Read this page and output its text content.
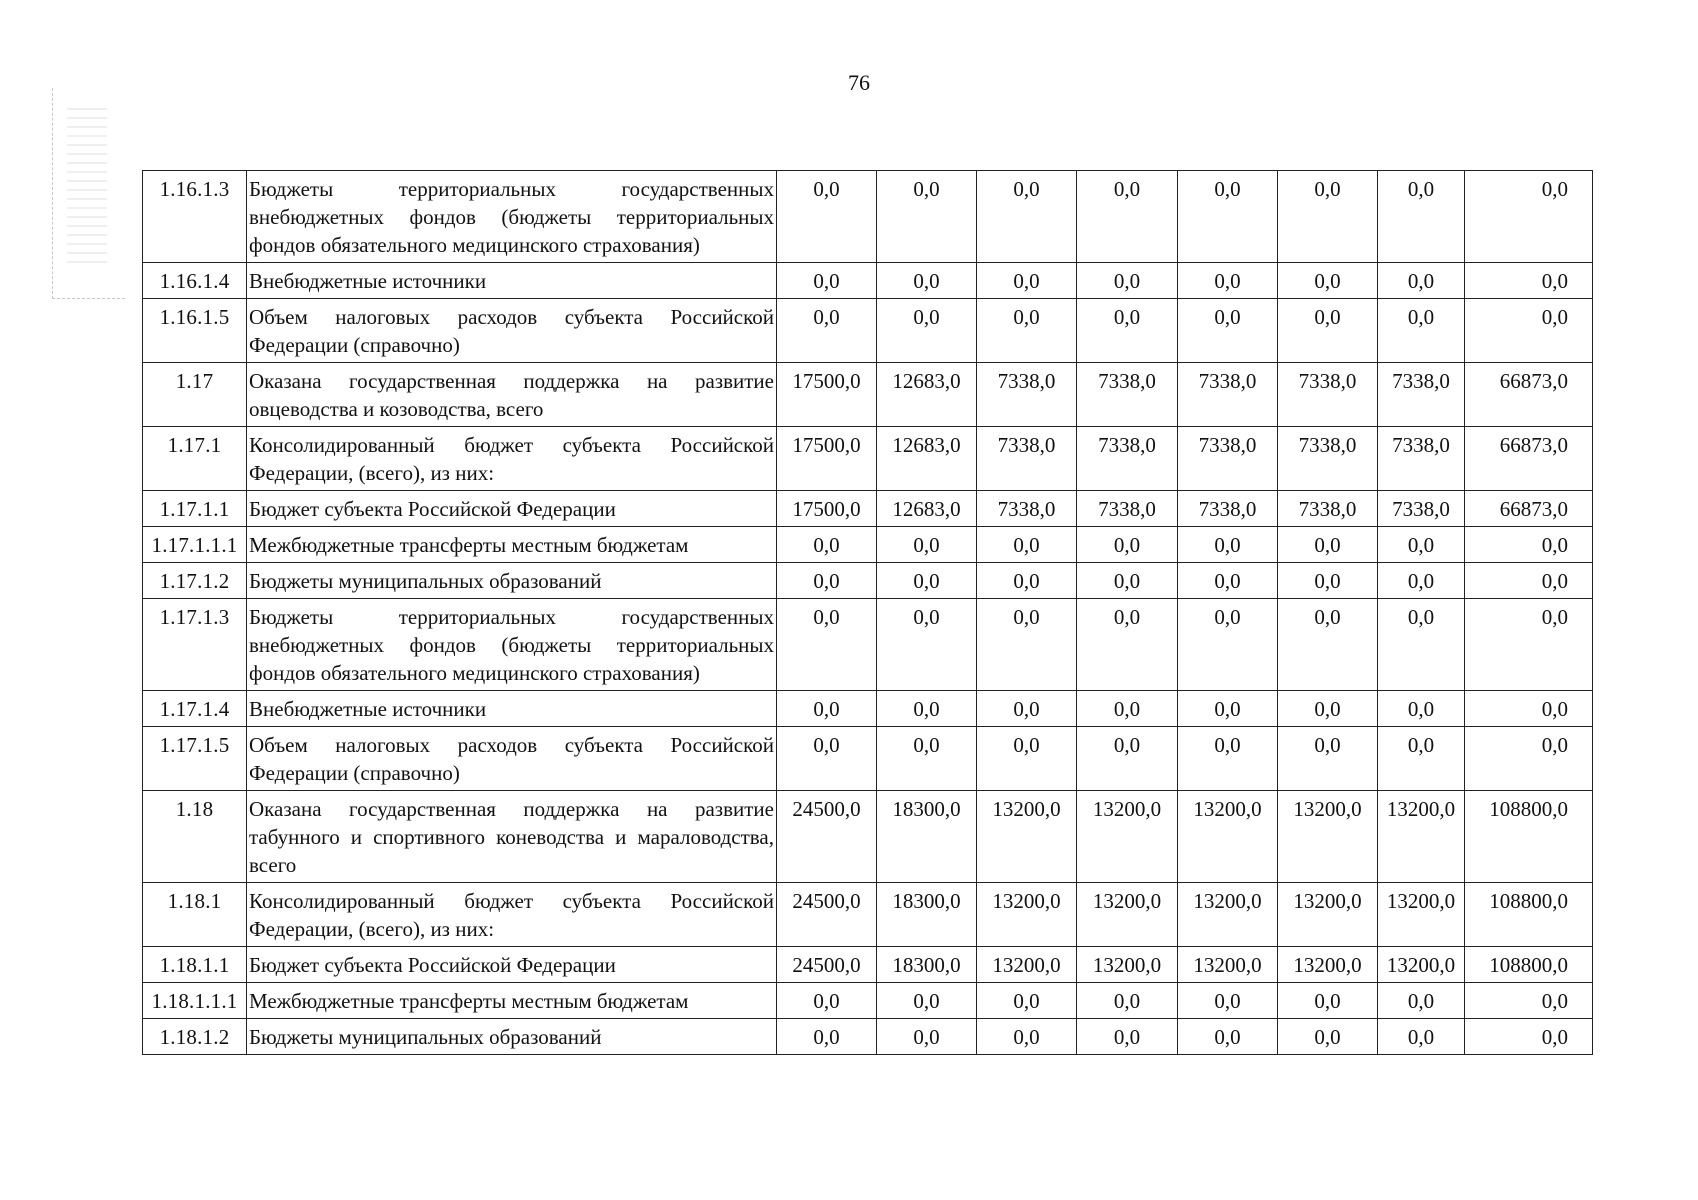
76
1.16.1.3	Бюджеты территориальных государственных внебюджетных фондов (бюджеты территориальных фондов обязательного медицинского страхования)	0,0	0,0	0,0	0,0	0,0	0,0	0,0	0,0
1.16.1.4	Внебюджетные источники	0,0	0,0	0,0	0,0	0,0	0,0	0,0	0,0
1.16.1.5	Объем налоговых расходов субъекта Российской Федерации (справочно)	0,0	0,0	0,0	0,0	0,0	0,0	0,0	0,0
1.17	Оказана государственная поддержка на развитие овцеводства и козоводства, всего	17500,0	12683,0	7338,0	7338,0	7338,0	7338,0	7338,0	66873,0
1.17.1	Консолидированный бюджет субъекта Российской Федерации, (всего), из них:	17500,0	12683,0	7338,0	7338,0	7338,0	7338,0	7338,0	66873,0
1.17.1.1	Бюджет субъекта Российской Федерации	17500,0	12683,0	7338,0	7338,0	7338,0	7338,0	7338,0	66873,0
1.17.1.1.1	Межбюджетные трансферты местным бюджетам	0,0	0,0	0,0	0,0	0,0	0,0	0,0	0,0
1.17.1.2	Бюджеты муниципальных образований	0,0	0,0	0,0	0,0	0,0	0,0	0,0	0,0
1.17.1.3	Бюджеты территориальных государственных внебюджетных фондов (бюджеты территориальных фондов обязательного медицинского страхования)	0,0	0,0	0,0	0,0	0,0	0,0	0,0	0,0
1.17.1.4	Внебюджетные источники	0,0	0,0	0,0	0,0	0,0	0,0	0,0	0,0
1.17.1.5	Объем налоговых расходов субъекта Российской Федерации (справочно)	0,0	0,0	0,0	0,0	0,0	0,0	0,0	0,0
1.18	Оказана государственная поддержка на развитие табунного и спортивного коневодства и мараловодства, всего	24500,0	18300,0	13200,0	13200,0	13200,0	13200,0	13200,0	108800,0
1.18.1	Консолидированный бюджет субъекта Российской Федерации, (всего), из них:	24500,0	18300,0	13200,0	13200,0	13200,0	13200,0	13200,0	108800,0
1.18.1.1	Бюджет субъекта Российской Федерации	24500,0	18300,0	13200,0	13200,0	13200,0	13200,0	13200,0	108800,0
1.18.1.1.1	Межбюджетные трансферты местным бюджетам	0,0	0,0	0,0	0,0	0,0	0,0	0,0	0,0
1.18.1.2	Бюджеты муниципальных образований	0,0	0,0	0,0	0,0	0,0	0,0	0,0	0,0
